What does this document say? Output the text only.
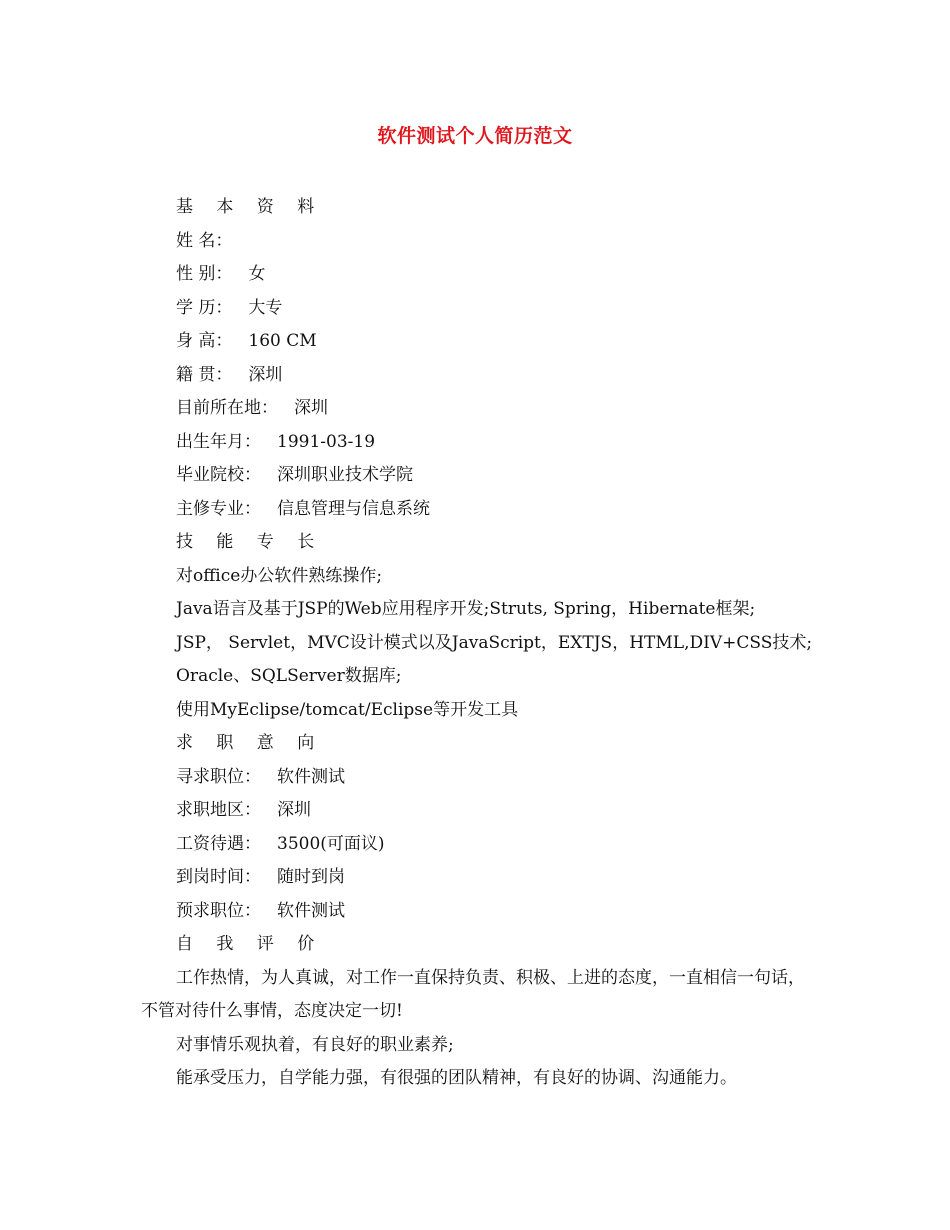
软件测试个人简历范文
基 本 资 料
姓 名：
性 别： 女
学 历： 大专
身 高： 160 CM
籍 贯： 深圳
目前所在地： 深圳
出生年月： 1991-03-19
毕业院校： 深圳职业技术学院
主修专业： 信息管理与信息系统
技 能 专 长
对office办公软件熟练操作;
Java语言及基于JSP的Web应用程序开发;Struts, Spring，Hibernate框架;
JSP， Servlet，MVC设计模式以及JavaScript，EXTJS，HTML,DIV+CSS技术;
Oracle、SQLServer数据库;
使用MyEclipse/tomcat/Eclipse等开发工具
求 职 意 向
寻求职位： 软件测试
求职地区： 深圳
工资待遇： 3500(可面议)
到岗时间： 随时到岗
预求职位： 软件测试
自 我 评 价
工作热情，为人真诚，对工作一直保持负责、积极、上进的态度，一直相信一句话，不管对待什么事情，态度决定一切!
对事情乐观执着，有良好的职业素养;
能承受压力，自学能力强，有很强的团队精神，有良好的协调、沟通能力。
